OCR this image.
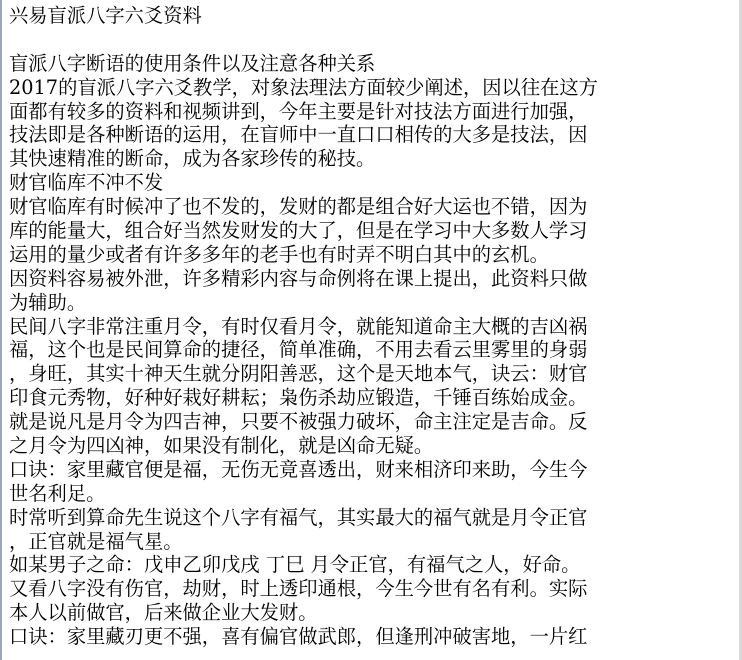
兴易盲派八字六爻资料
盲派八字断语的使用条件以及注意各种关系
2017的盲派八字六爻教学，对象法理法方面较少阐述，因以往在这方
面都有较多的资料和视频讲到，今年主要是针对技法方面进行加强，
技法即是各种断语的运用，在盲师中一直口口相传的大多是技法，因
其快速精准的断命，成为各家珍传的秘技。
财官临库不冲不发
财官临库有时候冲了也不发的，发财的都是组合好大运也不错，因为
库的能量大，组合好当然发财发的大了，但是在学习中大多数人学习
运用的量少或者有许多多年的老手也有时弄不明白其中的玄机。
因资料容易被外泄，许多精彩内容与命例将在课上提出，此资料只做
为辅助。
民间八字非常注重月令，有时仅看月令，就能知道命主大概的吉凶祸
福，这个也是民间算命的捷径，简单准确，不用去看云里雾里的身弱
，身旺，其实十神天生就分阴阳善恶，这个是天地本气，诀云：财官
印食元秀物，好种好栽好耕耘；枭伤杀劫应锻造，千锤百练始成金。
就是说凡是月令为四吉神，只要不被强力破坏，命主注定是吉命。反
之月令为四凶神，如果没有制化，就是凶命无疑。
口诀：家里藏官便是福，无伤无竟喜透出，财来相济印来助，今生今
世名利足。
时常听到算命先生说这个八字有福气，其实最大的福气就是月令正官
，正官就是福气星。
如某男子之命：戊申乙卯戊戌 丁巳 月令正官，有福气之人，好命。
又看八字没有伤官，劫财，时上透印通根，今生今世有名有利。实际
本人以前做官，后来做企业大发财。
口诀：家里藏刃更不强，喜有偏官做武郎，但逢刑冲破害地，一片红
